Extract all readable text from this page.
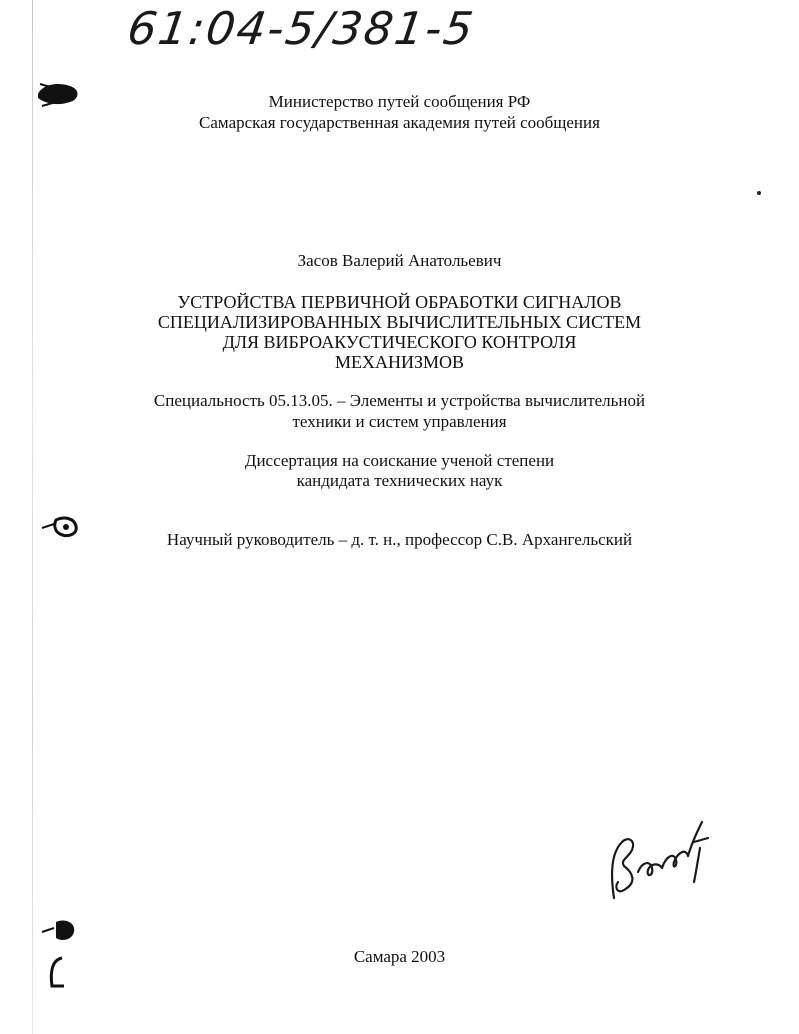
61:04-5/381-5
Министерство путей сообщения РФ
Самарская государственная академия путей сообщения
Засов Валерий Анатольевич
УСТРОЙСТВА ПЕРВИЧНОЙ ОБРАБОТКИ СИГНАЛОВ
СПЕЦИАЛИЗИРОВАННЫХ ВЫЧИСЛИТЕЛЬНЫХ СИСТЕМ
ДЛЯ ВИБРОАКУСТИЧЕСКОГО КОНТРОЛЯ
МЕХАНИЗМОВ
Специальность 05.13.05. – Элементы и устройства вычислительной
техники и систем управления
Диссертация на соискание ученой степени
кандидата технических наук
Научный руководитель – д. т. н., профессор С.В. Архангельский
Самара 2003
